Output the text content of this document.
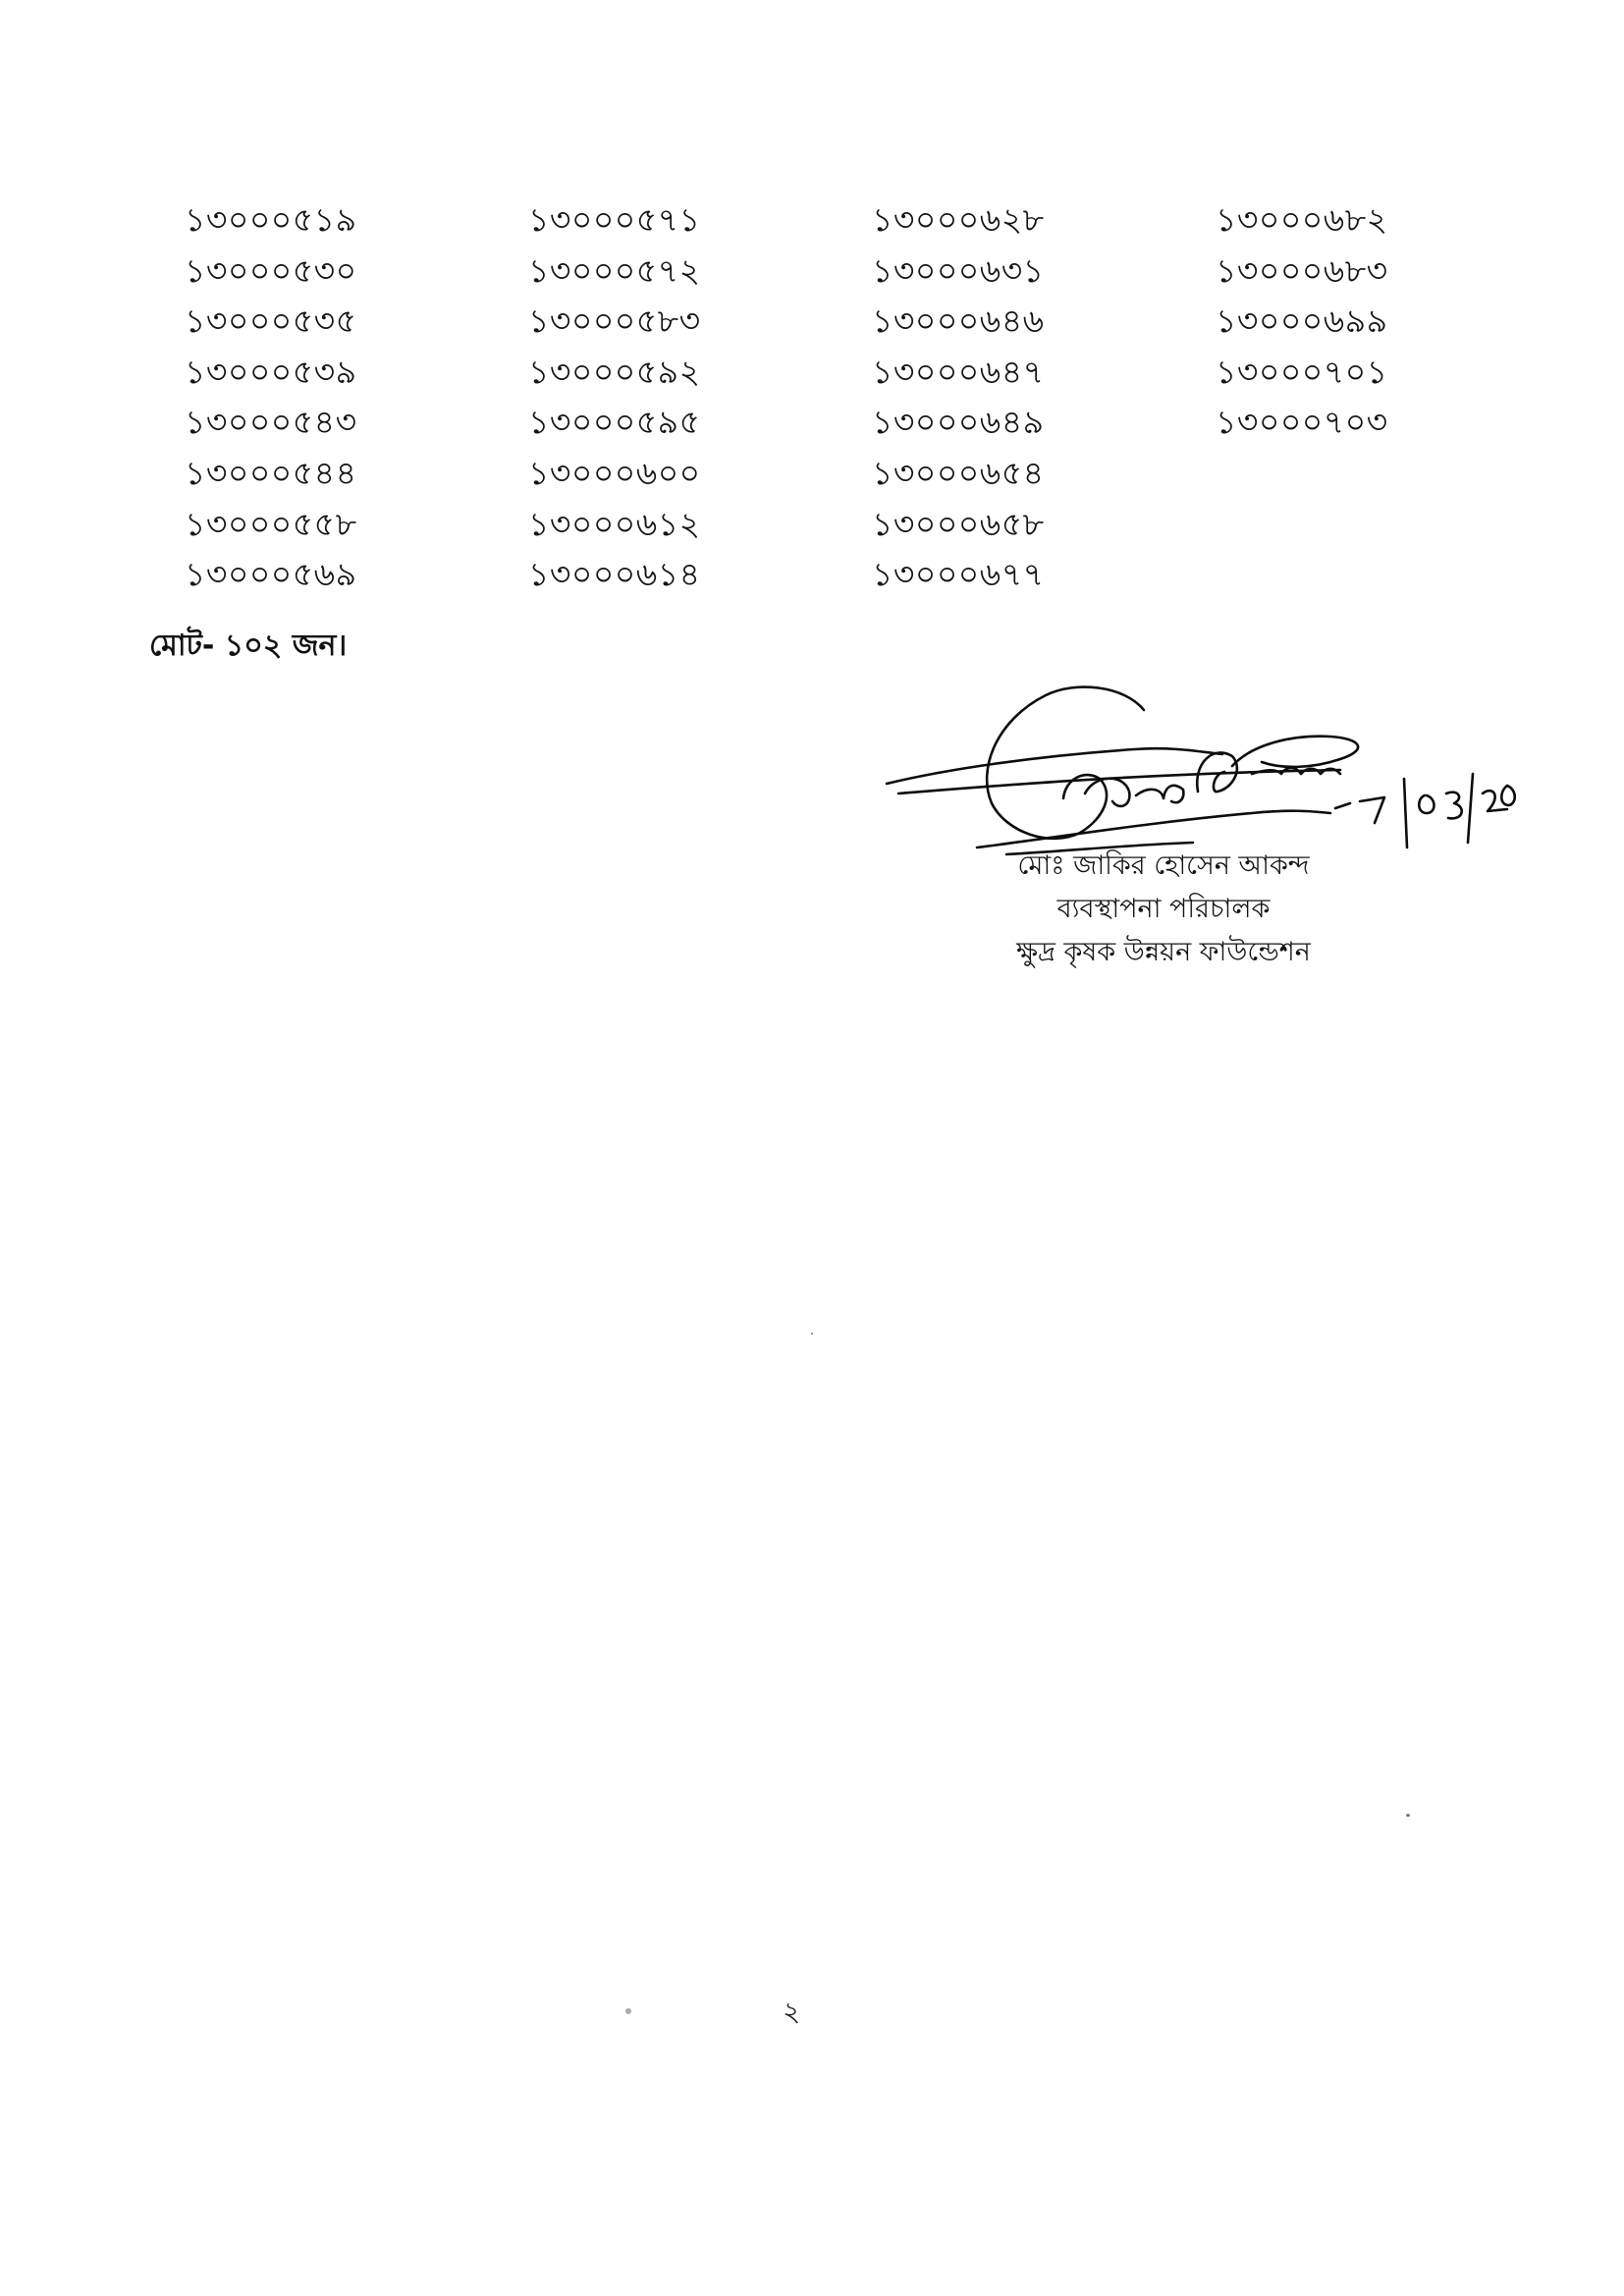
১৩০০০৫১৯
১৩০০০৫৩০
১৩০০০৫৩৫
১৩০০০৫৩৯
১৩০০০৫৪৩
১৩০০০৫৪৪
১৩০০০৫৫৮
১৩০০০৫৬৯
১৩০০০৫৭১
১৩০০০৫৭২
১৩০০০৫৮৩
১৩০০০৫৯২
১৩০০০৫৯৫
১৩০০০৬০০
১৩০০০৬১২
১৩০০০৬১৪
১৩০০০৬২৮
১৩০০০৬৩১
১৩০০০৬৪৬
১৩০০০৬৪৭
১৩০০০৬৪৯
১৩০০০৬৫৪
১৩০০০৬৫৮
১৩০০০৬৭৭
১৩০০০৬৮২
১৩০০০৬৮৩
১৩০০০৬৯৯
১৩০০০৭০১
১৩০০০৭০৩
মোট- ১০২ জন।
মোঃ জাকির হোসেন আকন্দ
ব্যবস্থাপনা পরিচালক
ক্ষুদ্র কৃষক উন্নয়ন ফাউন্ডেশন
২
